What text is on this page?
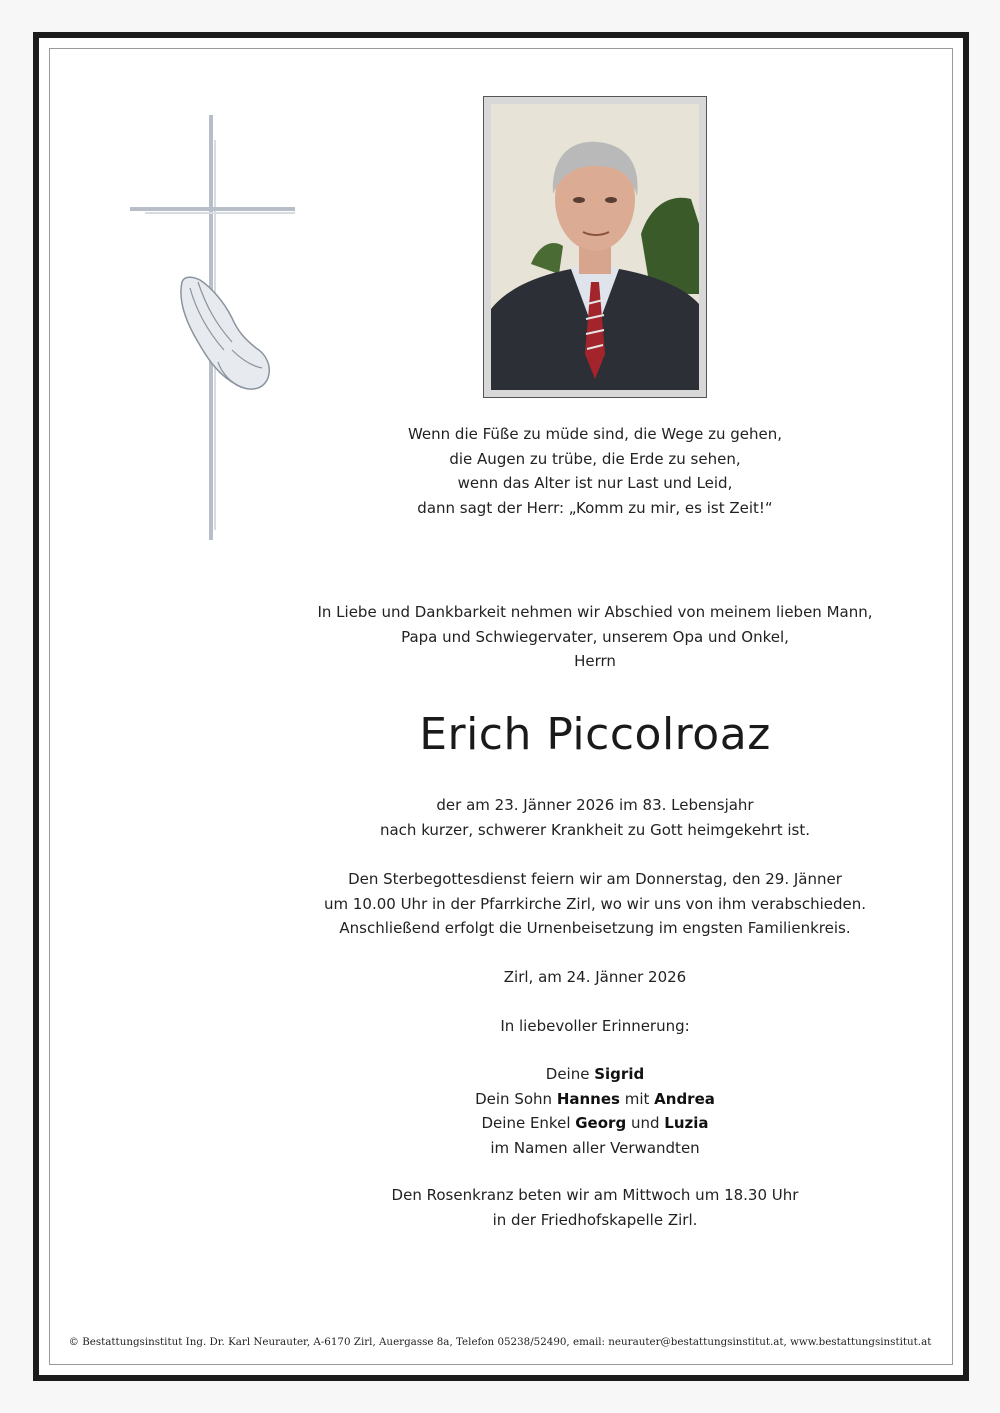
Wenn die Füße zu müde sind, die Wege zu gehen,
die Augen zu trübe, die Erde zu sehen,
wenn das Alter ist nur Last und Leid,
dann sagt der Herr: „Komm zu mir, es ist Zeit!“
In Liebe und Dankbarkeit nehmen wir Abschied von meinem lieben Mann,
Papa und Schwiegervater, unserem Opa und Onkel,
Herrn
Erich Piccolroaz
der am 23. Jänner 2026 im 83. Lebensjahr
nach kurzer, schwerer Krankheit zu Gott heimgekehrt ist.
Den Sterbegottesdienst feiern wir am Donnerstag, den 29. Jänner
um 10.00 Uhr in der Pfarrkirche Zirl, wo wir uns von ihm verabschieden.
Anschließend erfolgt die Urnenbeisetzung im engsten Familienkreis.
Zirl, am 24. Jänner 2026
In liebevoller Erinnerung:
Deine Sigrid
Dein Sohn Hannes mit Andrea
Deine Enkel Georg und Luzia
im Namen aller Verwandten
Den Rosenkranz beten wir am Mittwoch um 18.30 Uhr
in der Friedhofskapelle Zirl.
© Bestattungsinstitut Ing. Dr. Karl Neurauter, A-6170 Zirl, Auergasse 8a, Telefon 05238/52490, email: neurauter@bestattungsinstitut.at, www.bestattungsinstitut.at
